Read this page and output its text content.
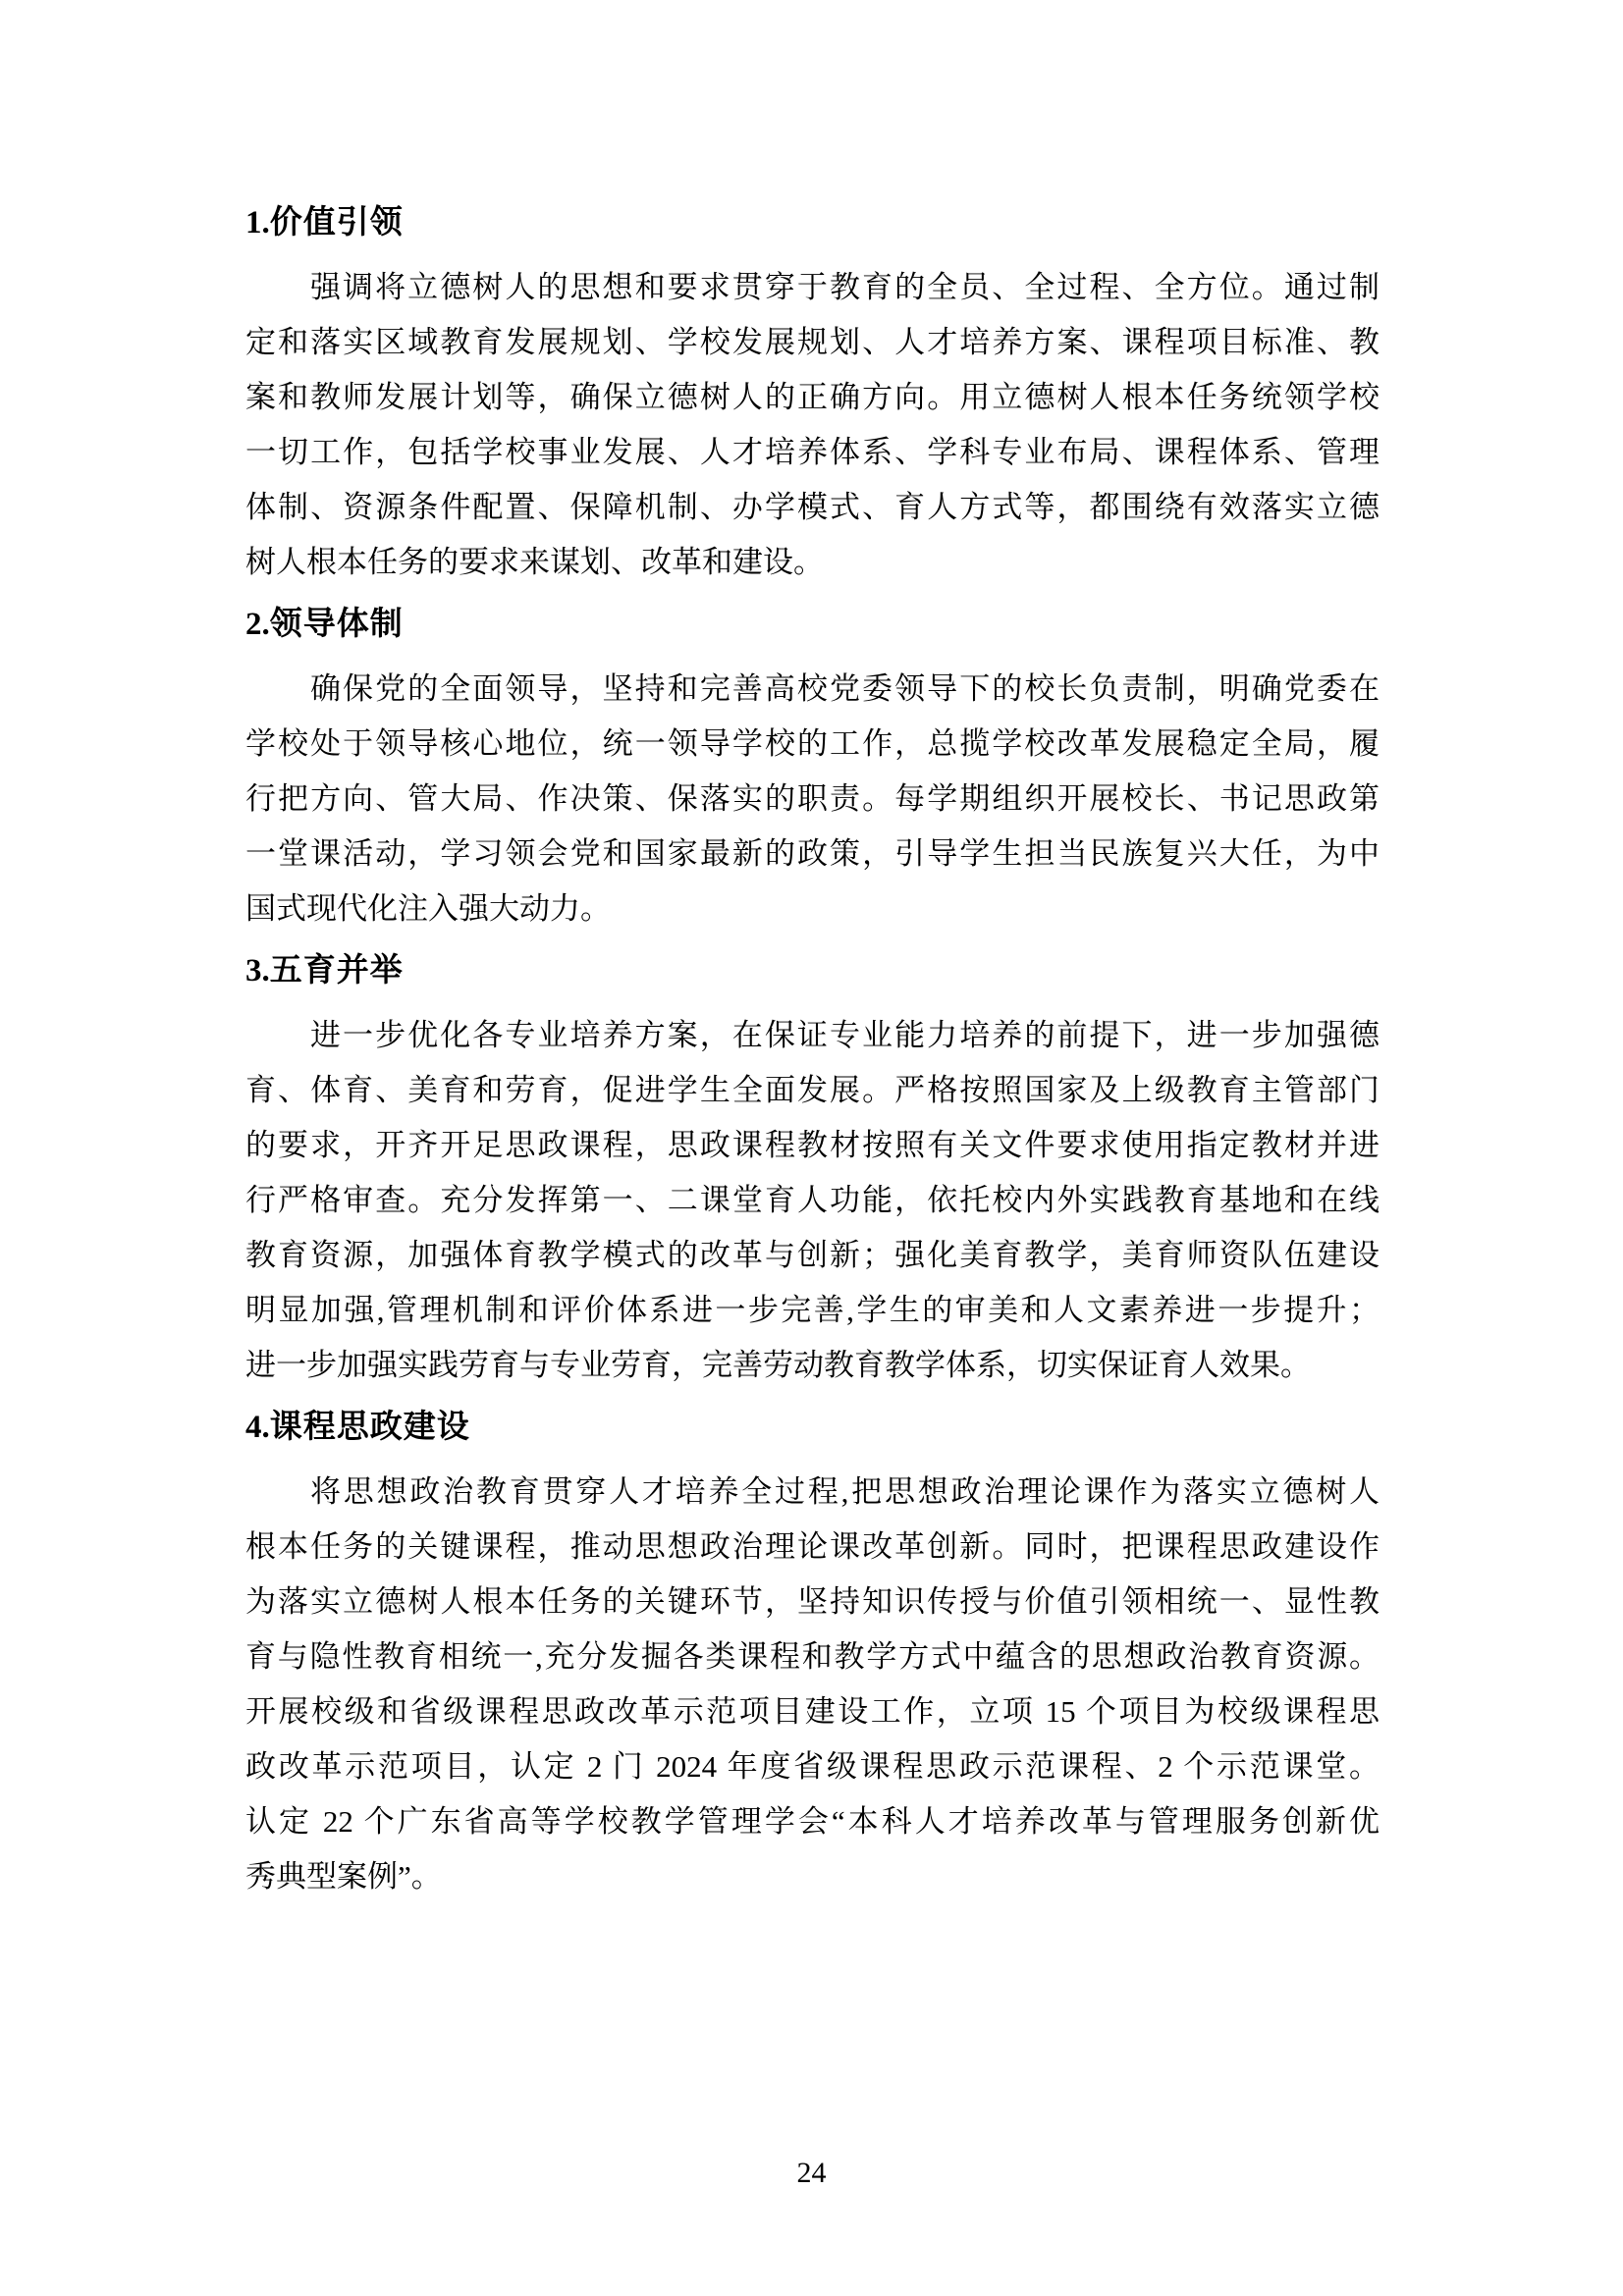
1.价值引领

强调将立德树人的思想和要求贯穿于教育的全员、全过程、全方位。通过制
定和落实区域教育发展规划、学校发展规划、人才培养方案、课程项目标准、教
案和教师发展计划等，确保立德树人的正确方向。用立德树人根本任务统领学校
一切工作，包括学校事业发展、人才培养体系、学科专业布局、课程体系、管理
体制、资源条件配置、保障机制、办学模式、育人方式等，都围绕有效落实立德
树人根本任务的要求来谋划、改革和建设。

2.领导体制

确保党的全面领导，坚持和完善高校党委领导下的校长负责制，明确党委在
学校处于领导核心地位，统一领导学校的工作，总揽学校改革发展稳定全局，履
行把方向、管大局、作决策、保落实的职责。每学期组织开展校长、书记思政第
一堂课活动，学习领会党和国家最新的政策，引导学生担当民族复兴大任，为中
国式现代化注入强大动力。

3.五育并举

进一步优化各专业培养方案，在保证专业能力培养的前提下，进一步加强德
育、体育、美育和劳育，促进学生全面发展。严格按照国家及上级教育主管部门
的要求，开齐开足思政课程，思政课程教材按照有关文件要求使用指定教材并进
行严格审查。充分发挥第一、二课堂育人功能，依托校内外实践教育基地和在线
教育资源，加强体育教学模式的改革与创新；强化美育教学，美育师资队伍建设
明显加强,管理机制和评价体系进一步完善,学生的审美和人文素养进一步提升；
进一步加强实践劳育与专业劳育，完善劳动教育教学体系，切实保证育人效果。

4.课程思政建设

将思想政治教育贯穿人才培养全过程,把思想政治理论课作为落实立德树人
根本任务的关键课程，推动思想政治理论课改革创新。同时，把课程思政建设作
为落实立德树人根本任务的关键环节，坚持知识传授与价值引领相统一、显性教
育与隐性教育相统一,充分发掘各类课程和教学方式中蕴含的思想政治教育资源。
开展校级和省级课程思政改革示范项目建设工作，立项 15 个项目为校级课程思
政改革示范项目，认定 2 门 2024 年度省级课程思政示范课程、2 个示范课堂。
认定 22 个广东省高等学校教学管理学会“本科人才培养改革与管理服务创新优
秀典型案例”。

24
